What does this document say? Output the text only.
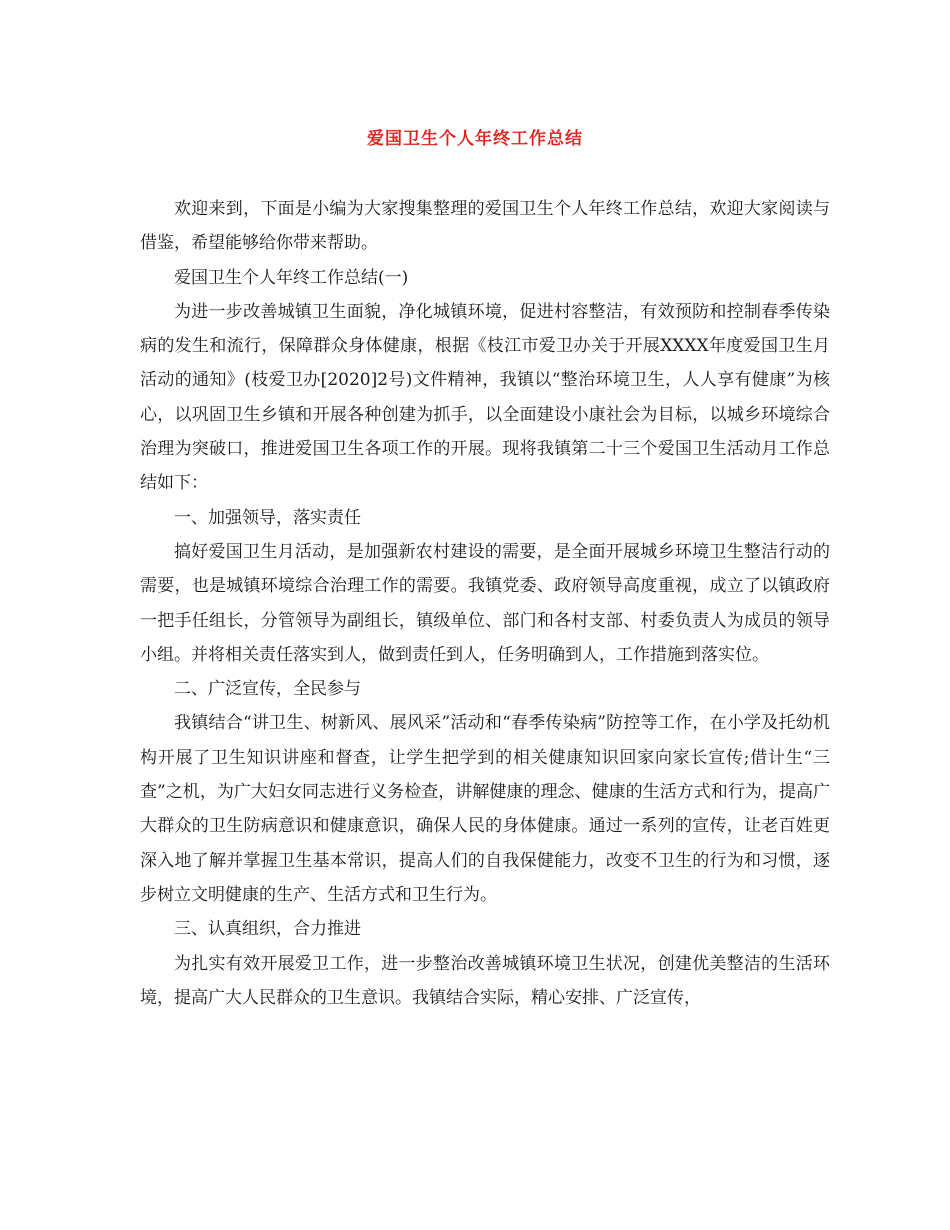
爱国卫生个人年终工作总结

欢迎来到，下面是小编为大家搜集整理的爱国卫生个人年终工作总结，欢迎大家阅读与借鉴，希望能够给你带来帮助。

爱国卫生个人年终工作总结(一)

为进一步改善城镇卫生面貌，净化城镇环境，促进村容整洁，有效预防和控制春季传染病的发生和流行，保障群众身体健康，根据《枝江市爱卫办关于开展XXXX年度爱国卫生月活动的通知》(枝爱卫办[2020]2号)文件精神，我镇以“整治环境卫生，人人享有健康”为核心，以巩固卫生乡镇和开展各种创建为抓手，以全面建设小康社会为目标，以城乡环境综合治理为突破口，推进爱国卫生各项工作的开展。现将我镇第二十三个爱国卫生活动月工作总结如下：

一、加强领导，落实责任

搞好爱国卫生月活动，是加强新农村建设的需要，是全面开展城乡环境卫生整洁行动的需要，也是城镇环境综合治理工作的需要。我镇党委、政府领导高度重视，成立了以镇政府一把手任组长，分管领导为副组长，镇级单位、部门和各村支部、村委负责人为成员的领导小组。并将相关责任落实到人，做到责任到人，任务明确到人，工作措施到落实位。

二、广泛宣传，全民参与

我镇结合“讲卫生、树新风、展风采”活动和“春季传染病”防控等工作，在小学及托幼机构开展了卫生知识讲座和督查，让学生把学到的相关健康知识回家向家长宣传;借计生“三查”之机，为广大妇女同志进行义务检查，讲解健康的理念、健康的生活方式和行为，提高广大群众的卫生防病意识和健康意识，确保人民的身体健康。通过一系列的宣传，让老百姓更深入地了解并掌握卫生基本常识，提高人们的自我保健能力，改变不卫生的行为和习惯，逐步树立文明健康的生产、生活方式和卫生行为。

三、认真组织，合力推进

为扎实有效开展爱卫工作，进一步整治改善城镇环境卫生状况，创建优美整洁的生活环境，提高广大人民群众的卫生意识。我镇结合实际，精心安排、广泛宣传，
